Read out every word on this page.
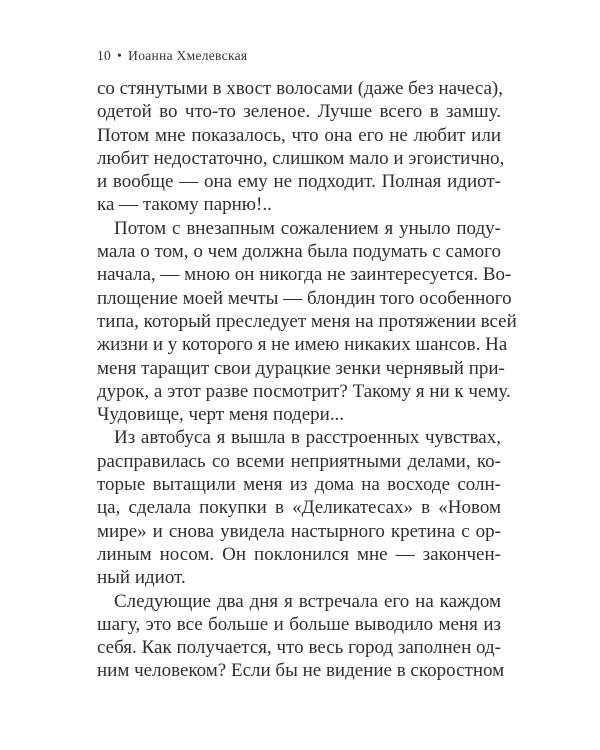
10 • Иоанна Хмелевская
со стянутыми в хвост волосами (даже без начеса),
одетой во что-то зеленое. Лучше всего в замшу.
Потом мне показалось, что она его не любит или
любит недостаточно, слишком мало и эгоистично,
и вообще — она ему не подходит. Полная идиот-
ка — такому парню!..
Потом с внезапным сожалением я уныло поду-
мала о том, о чем должна была подумать с самого
начала, — мною он никогда не заинтересуется. Во-
площение моей мечты — блондин того особенного
типа, который преследует меня на протяжении всей
жизни и у которого я не имею никаких шансов. На
меня таращит свои дурацкие зенки чернявый при-
дурок, а этот разве посмотрит? Такому я ни к чему.
Чудовище, черт меня подери...
Из автобуса я вышла в расстроенных чувствах,
расправилась со всеми неприятными делами, ко-
торые вытащили меня из дома на восходе солн-
ца, сделала покупки в «Деликатесах» в «Новом
мире» и снова увидела настырного кретина с ор-
линым носом. Он поклонился мне — закончен-
ный идиот.
Следующие два дня я встречала его на каждом
шагу, это все больше и больше выводило меня из
себя. Как получается, что весь город заполнен од-
ним человеком? Если бы не видение в скоростном
